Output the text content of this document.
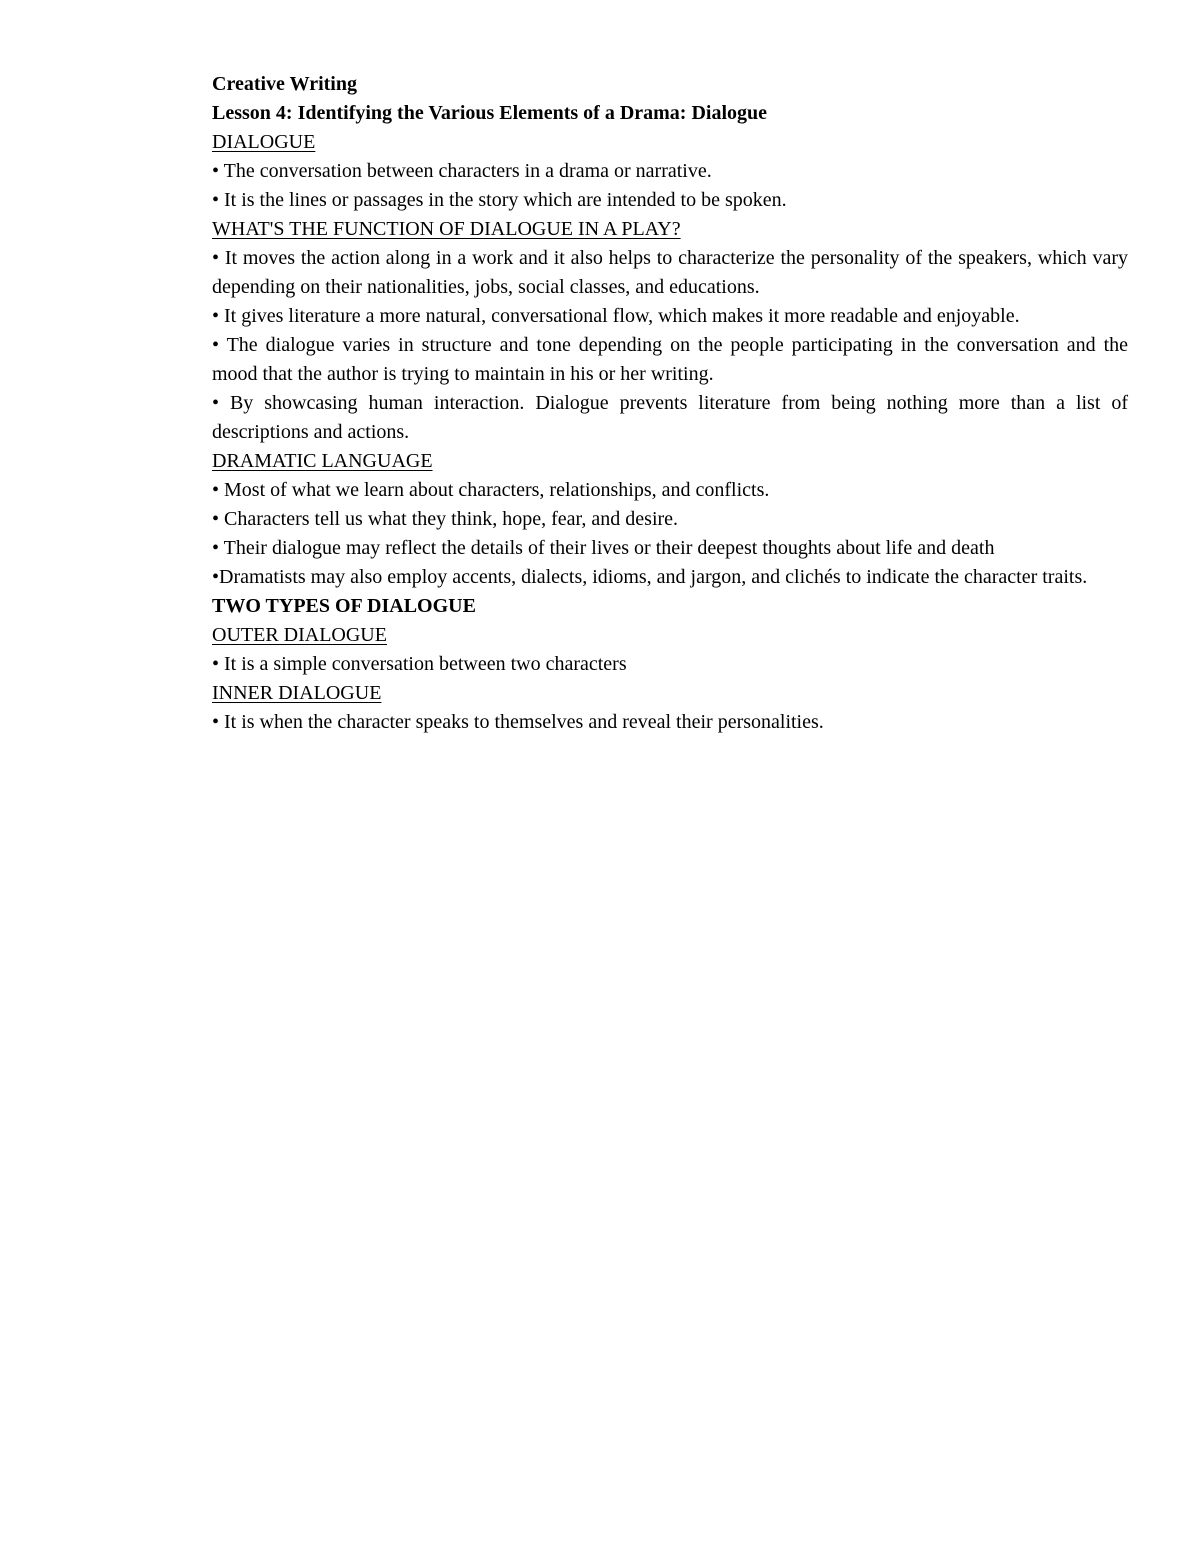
Creative Writing

Lesson 4: Identifying the Various Elements of a Drama: Dialogue

DIALOGUE

• The conversation between characters in a drama or narrative.

• It is the lines or passages in the story which are intended to be spoken.

WHAT'S THE FUNCTION OF DIALOGUE IN A PLAY?

• It moves the action along in a work and it also helps to characterize the personality of the speakers, which vary depending on their nationalities, jobs, social classes, and educations.

• It gives literature a more natural, conversational flow, which makes it more readable and enjoyable.

• The dialogue varies in structure and tone depending on the people participating in the conversation and the mood that the author is trying to maintain in his or her writing.

• By showcasing human interaction. Dialogue prevents literature from being nothing more than a list of descriptions and actions.

DRAMATIC LANGUAGE

• Most of what we learn about characters, relationships, and conflicts.

• Characters tell us what they think, hope, fear, and desire.

• Their dialogue may reflect the details of their lives or their deepest thoughts about life and death

•Dramatists may also employ accents, dialects, idioms, and jargon, and clichés to indicate the character traits.

TWO TYPES OF DIALOGUE

OUTER DIALOGUE

• It is a simple conversation between two characters

INNER DIALOGUE

• It is when the character speaks to themselves and reveal their personalities.
